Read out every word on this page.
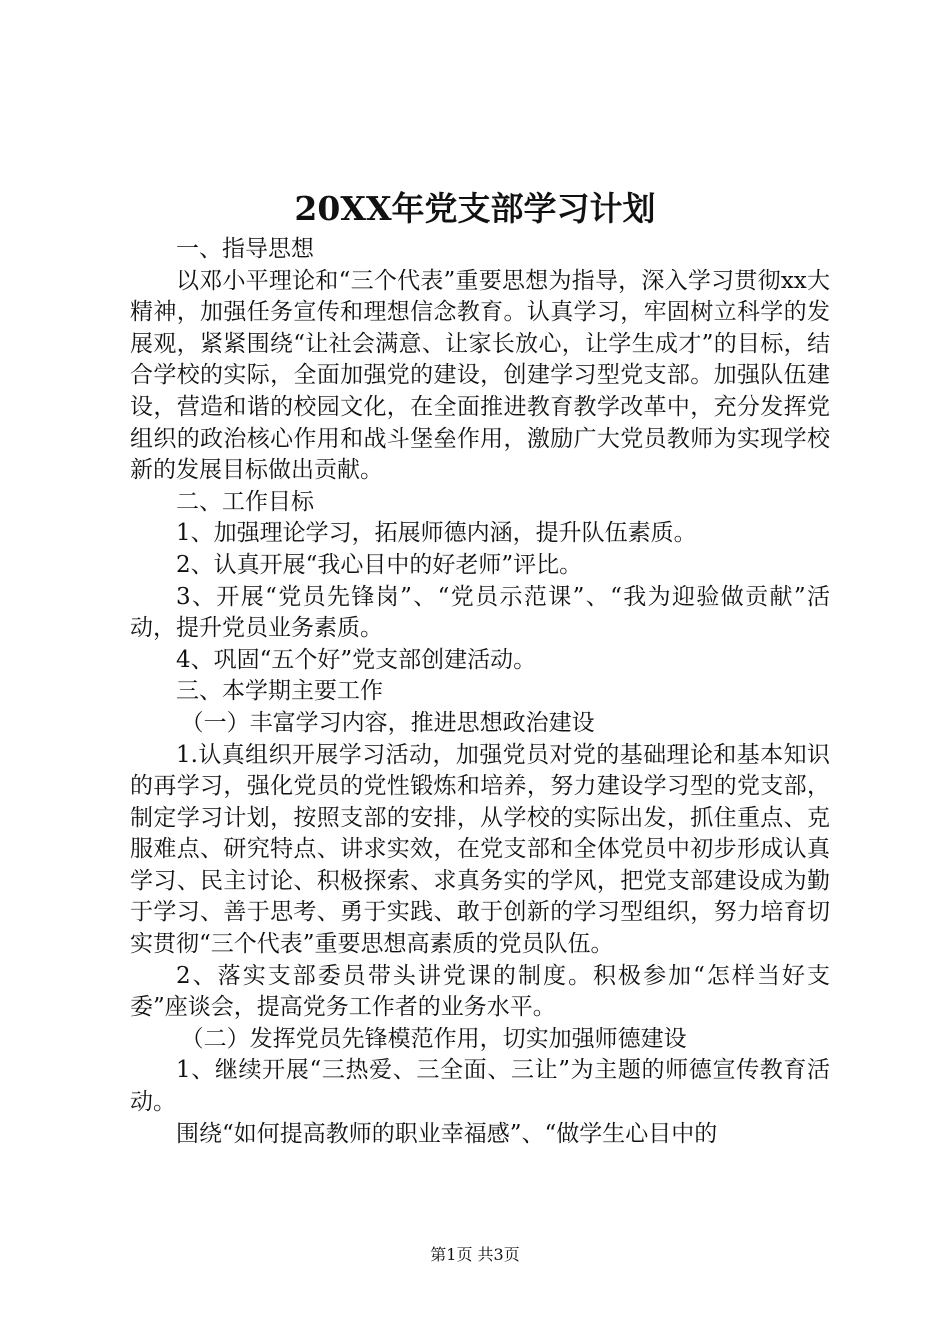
20XX年党支部学习计划

一、指导思想

以邓小平理论和“三个代表”重要思想为指导，深入学习贯彻xx大精神，加强任务宣传和理想信念教育。认真学习，牢固树立科学的发展观，紧紧围绕“让社会满意、让家长放心，让学生成才”的目标，结合学校的实际，全面加强党的建设，创建学习型党支部。加强队伍建设，营造和谐的校园文化，在全面推进教育教学改革中，充分发挥党组织的政治核心作用和战斗堡垒作用，激励广大党员教师为实现学校新的发展目标做出贡献。

二、工作目标

1、加强理论学习，拓展师德内涵，提升队伍素质。

2、认真开展“我心目中的好老师”评比。

3、开展“党员先锋岗”、“党员示范课”、“我为迎验做贡献”活动，提升党员业务素质。

4、巩固“五个好”党支部创建活动。

三、本学期主要工作

（一）丰富学习内容，推进思想政治建设

1.认真组织开展学习活动，加强党员对党的基础理论和基本知识的再学习，强化党员的党性锻炼和培养，努力建设学习型的党支部，制定学习计划，按照支部的安排，从学校的实际出发，抓住重点、克服难点、研究特点、讲求实效，在党支部和全体党员中初步形成认真学习、民主讨论、积极探索、求真务实的学风，把党支部建设成为勤于学习、善于思考、勇于实践、敢于创新的学习型组织，努力培育切实贯彻“三个代表”重要思想高素质的党员队伍。

2、落实支部委员带头讲党课的制度。积极参加“怎样当好支委”座谈会，提高党务工作者的业务水平。

（二）发挥党员先锋模范作用，切实加强师德建设

1、继续开展“三热爱、三全面、三让”为主题的师德宣传教育活动。

围绕“如何提高教师的职业幸福感”、“做学生心目中的

第1页 共3页
